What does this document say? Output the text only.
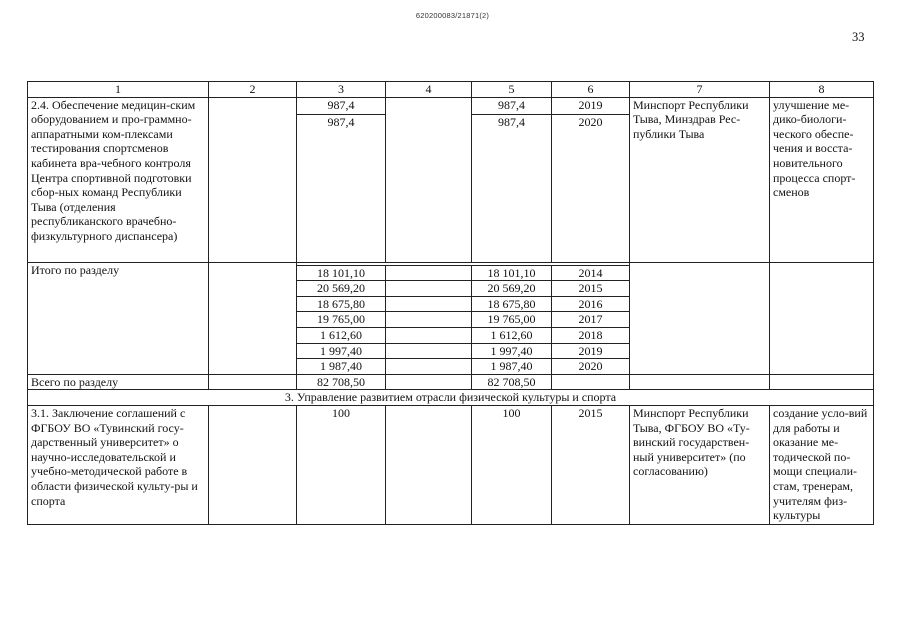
620200083/21871(2)
33
1	2	3	4	5	6	7	8
2.4. Обеспечение медицин-ским оборудованием и про-граммно-аппаратными ком-плексами тестирования спортсменов кабинета вра-чебного контроля Центра спортивной подготовки сбор-ных команд Республики Тыва (отделения республиканского врачебно-физкультурного диспансера)		987,4		987,4	2019	Минспорт Республики Тыва, Минздрав Рес-публики Тыва	улучшение ме-дико-биологи-ческого обеспе-чения и восста-новительного процесса спорт-сменов
		987,4		987,4	2020		
Итого по разделу							
		18 101,10		18 101,10	2014		
		20 569,20		20 569,20	2015		
		18 675,80		18 675,80	2016		
		19 765,00		19 765,00	2017		
		1 612,60		1 612,60	2018		
		1 997,40		1 997,40	2019		
		1 987,40		1 987,40	2020		
Всего по разделу		82 708,50		82 708,50			
3. Управление развитием отрасли физической культуры и спорта							
3.1. Заключение соглашений с ФГБОУ ВО «Тувинский госу-дарственный университет» о научно-исследовательской и учебно-методической работе в области физической культу-ры и спорта		100		100	2015	Минспорт Республики Тыва, ФГБОУ ВО «Ту-винский государствен-ный университет» (по согласованию)	создание усло-вий для работы и оказание ме-тодической по-мощи специали-стам, тренерам, учителям физ-культуры
